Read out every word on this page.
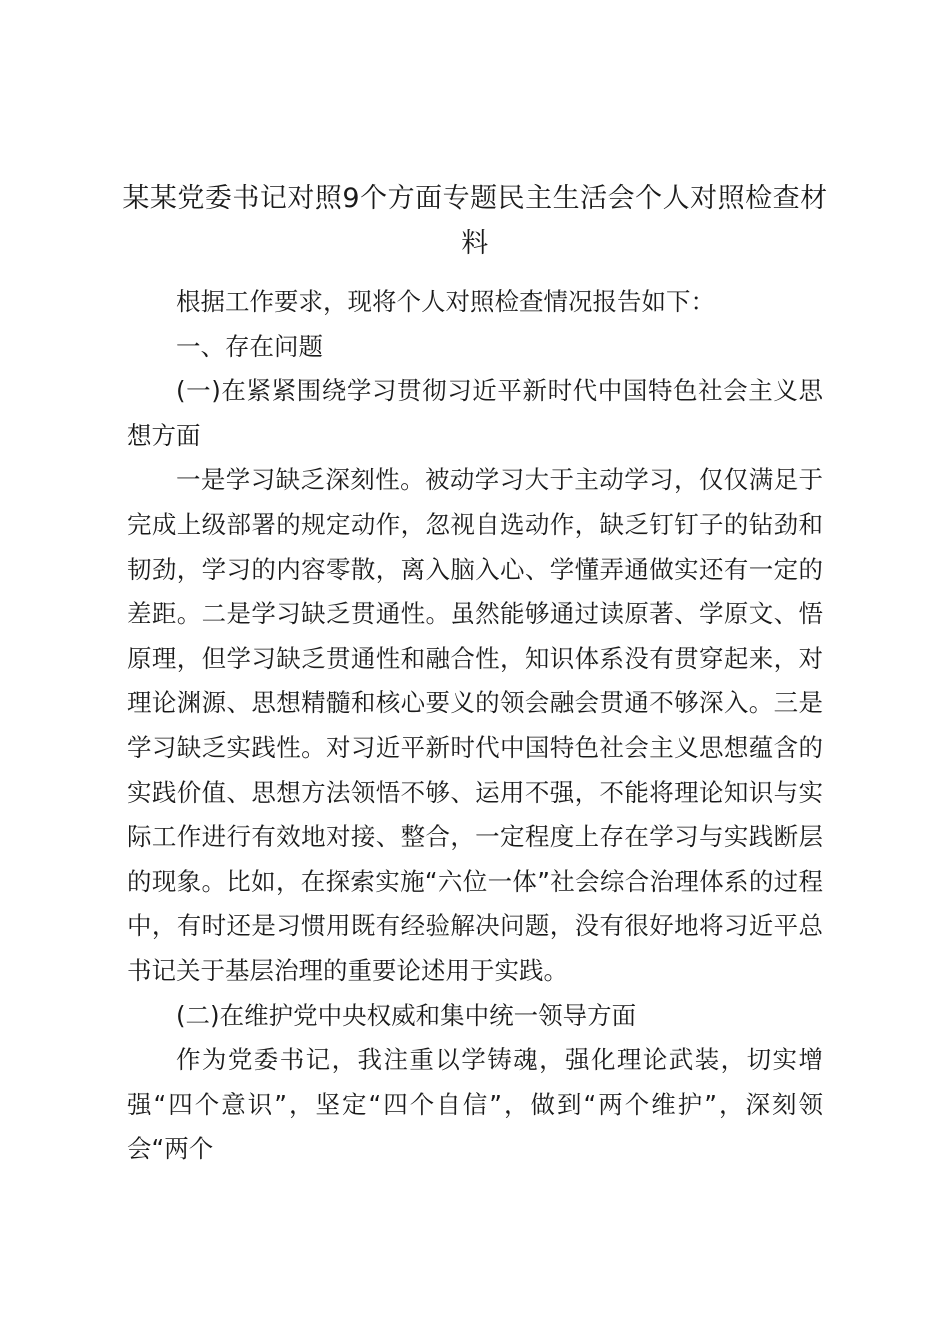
某某党委书记对照9个方面专题民主生活会个人对照检查材料

根据工作要求，现将个人对照检查情况报告如下：

一、存在问题

(一)在紧紧围绕学习贯彻习近平新时代中国特色社会主义思想方面

一是学习缺乏深刻性。被动学习大于主动学习，仅仅满足于完成上级部署的规定动作，忽视自选动作，缺乏钉钉子的钻劲和韧劲，学习的内容零散，离入脑入心、学懂弄通做实还有一定的差距。二是学习缺乏贯通性。虽然能够通过读原著、学原文、悟原理，但学习缺乏贯通性和融合性，知识体系没有贯穿起来，对理论渊源、思想精髓和核心要义的领会融会贯通不够深入。三是学习缺乏实践性。对习近平新时代中国特色社会主义思想蕴含的实践价值、思想方法领悟不够、运用不强，不能将理论知识与实际工作进行有效地对接、整合，一定程度上存在学习与实践断层的现象。比如，在探索实施“六位一体”社会综合治理体系的过程中，有时还是习惯用既有经验解决问题，没有很好地将习近平总书记关于基层治理的重要论述用于实践。

(二)在维护党中央权威和集中统一领导方面

作为党委书记，我注重以学铸魂，强化理论武装，切实增强“四个意识”，坚定“四个自信”，做到“两个维护”，深刻领会“两个
